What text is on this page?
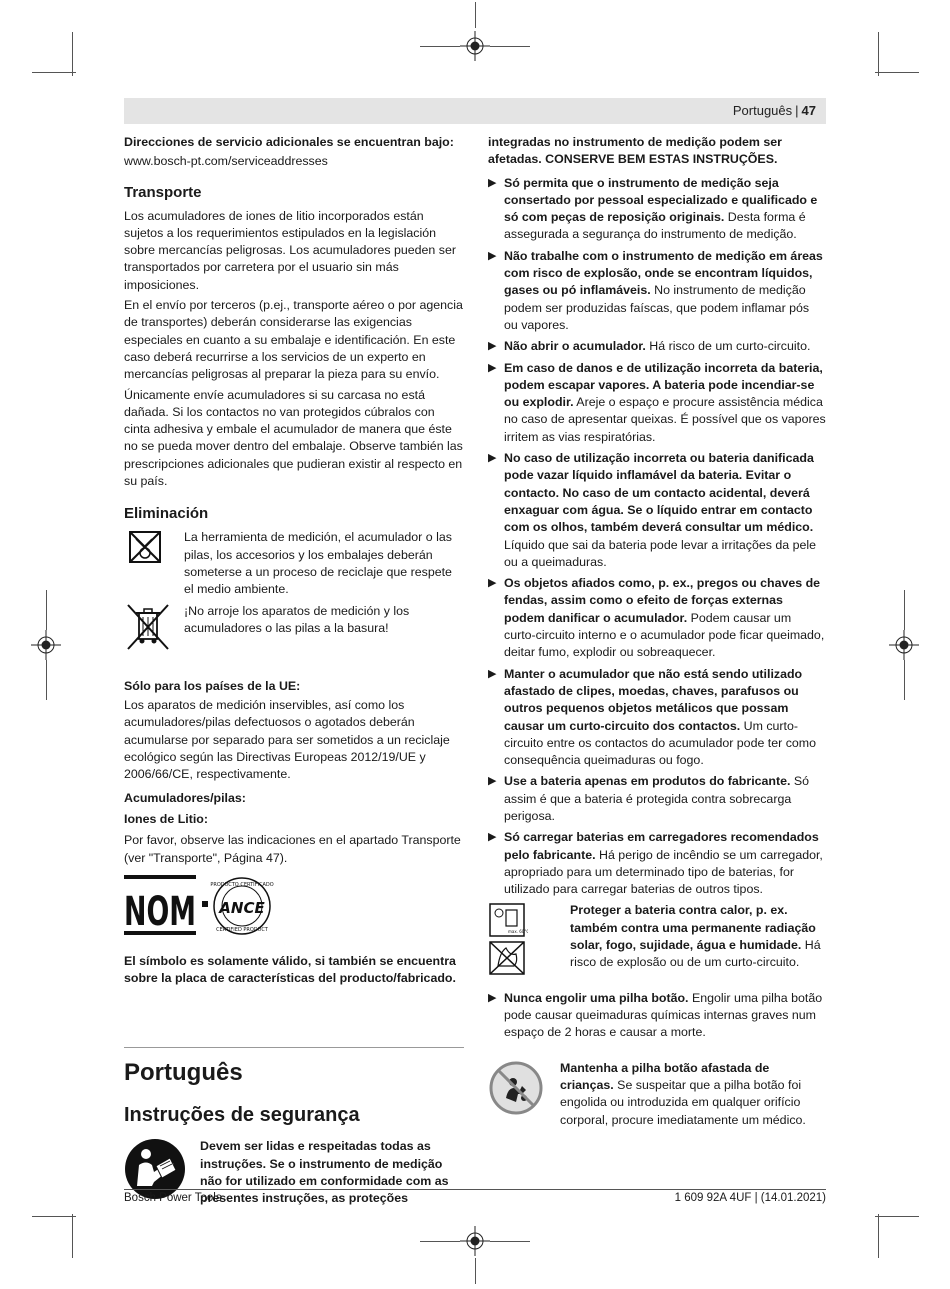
Português | 47

Direcciones de servicio adicionales se encuentran bajo:

www.bosch-pt.com/serviceaddresses

Transporte

Los acumuladores de iones de litio incorporados están sujetos a los requerimientos estipulados en la legislación sobre mercancías peligrosas. Los acumuladores pueden ser transportados por carretera por el usuario sin más imposiciones.

En el envío por terceros (p.ej., transporte aéreo o por agencia de transportes) deberán considerarse las exigencias especiales en cuanto a su embalaje e identificación. En este caso deberá recurrirse a los servicios de un experto en mercancías peligrosas al preparar la pieza para su envío.

Únicamente envíe acumuladores si su carcasa no está dañada. Si los contactos no van protegidos cúbralos con cinta adhesiva y embale el acumulador de manera que éste no se pueda mover dentro del embalaje. Observe también las prescripciones adicionales que pudieran existir al respecto en su país.

Eliminación
La herramienta de medición, el acumulador o las pilas, los accesorios y los embalajes deberán someterse a un proceso de reciclaje que respete el medio ambiente.
¡No arroje los aparatos de medición y los acumuladores o las pilas a la basura!

Sólo para los países de la UE:

Los aparatos de medición inservibles, así como los acumuladores/pilas defectuosos o agotados deberán acumularse por separado para ser sometidos a un reciclaje ecológico según las Directivas Europeas 2012/19/UE y 2006/66/CE, respectivamente.

Acumuladores/pilas:

Iones de Litio:

Por favor, observe las indicaciones en el apartado Transporte (ver "Transporte", Página 47).

NOM ANCE
PRODUCTO CERTIFICADO
CERTIFIED PRODUCT

El símbolo es solamente válido, si también se encuentra sobre la placa de características del producto/fabricado.

Português
Instruções de segurança
Devem ser lidas e respeitadas todas as instruções. Se o instrumento de medição não for utilizado em conformidade com as presentes instruções, as proteções

integradas no instrumento de medição podem ser afetadas. CONSERVE BEM ESTAS INSTRUÇÕES.

▶ Só permita que o instrumento de medição seja consertado por pessoal especializado e qualificado e só com peças de reposição originais. Desta forma é assegurada a segurança do instrumento de medição.
▶ Não trabalhe com o instrumento de medição em áreas com risco de explosão, onde se encontram líquidos, gases ou pó inflamáveis. No instrumento de medição podem ser produzidas faíscas, que podem inflamar pós ou vapores.
▶ Não abrir o acumulador. Há risco de um curto-circuito.
▶ Em caso de danos e de utilização incorreta da bateria, podem escapar vapores. A bateria pode incendiar-se ou explodir. Areje o espaço e procure assistência médica no caso de apresentar queixas. É possível que os vapores irritem as vias respiratórias.
▶ No caso de utilização incorreta ou bateria danificada pode vazar líquido inflamável da bateria. Evitar o contacto. No caso de um contacto acidental, deverá enxaguar com água. Se o líquido entrar em contacto com os olhos, também deverá consultar um médico. Líquido que sai da bateria pode levar a irritações da pele ou a queimaduras.
▶ Os objetos afiados como, p. ex., pregos ou chaves de fendas, assim como o efeito de forças externas podem danificar o acumulador. Podem causar um curto-circuito interno e o acumulador pode ficar queimado, deitar fumo, explodir ou sobreaquecer.
▶ Manter o acumulador que não está sendo utilizado afastado de clipes, moedas, chaves, parafusos ou outros pequenos objetos metálicos que possam causar um curto-circuito dos contactos. Um curto-circuito entre os contactos do acumulador pode ter como consequência queimaduras ou fogo.
▶ Use a bateria apenas em produtos do fabricante. Só assim é que a bateria é protegida contra sobrecarga perigosa.
▶ Só carregar baterias em carregadores recomendados pelo fabricante. Há perigo de incêndio se um carregador, apropriado para um determinado tipo de baterias, for utilizado para carregar baterias de outros tipos.
max. 60°C
Proteger a bateria contra calor, p. ex. também contra uma permanente radiação solar, fogo, sujidade, água e humidade. Há risco de explosão ou de um curto-circuito.
▶ Nunca engolir uma pilha botão. Engolir uma pilha botão pode causar queimaduras químicas internas graves num espaço de 2 horas e causar a morte.
Mantenha a pilha botão afastada de crianças. Se suspeitar que a pilha botão foi engolida ou introduzida em qualquer orifício corporal, procure imediatamente um médico.
Bosch Power Tools	1 609 92A 4UF | (14.01.2021)
